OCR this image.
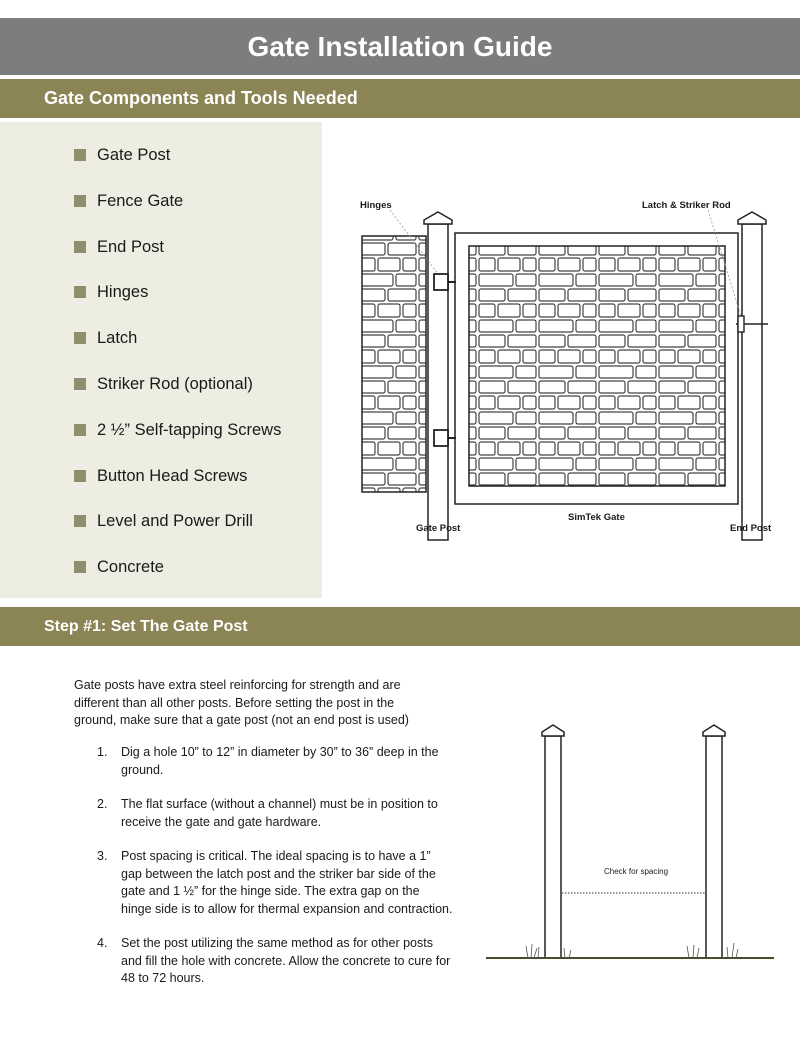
Gate Installation Guide
Gate Components and Tools Needed
Gate Post
Fence Gate
End Post
Hinges
Latch
Striker Rod (optional)
2 ½” Self-tapping Screws
Button Head Screws
Level and Power Drill
Concrete
Hinges	Latch & Striker Rod
Gate Post
SimTek Gate
End Post
Step #1: Set The Gate Post

Gate posts have extra steel reinforcing for strength and are different than all other posts. Before setting the post in the ground, make sure that a gate post (not an end post is used)

1.	Dig a hole 10” to 12” in diameter by 30” to 36” deep in the ground.
2.	The flat surface (without a channel) must be in position to receive the gate and gate hardware.
3.	Post spacing is critical. The ideal spacing is to have a 1” gap between the latch post and the striker bar side of the gate and 1 ½” for the hinge side. The extra gap on the hinge side is to allow for thermal expansion and contraction.
4.	Set the post utilizing the same method as for other posts and fill the hole with concrete. Allow the concrete to cure for 48 to 72 hours.
Check for spacing
